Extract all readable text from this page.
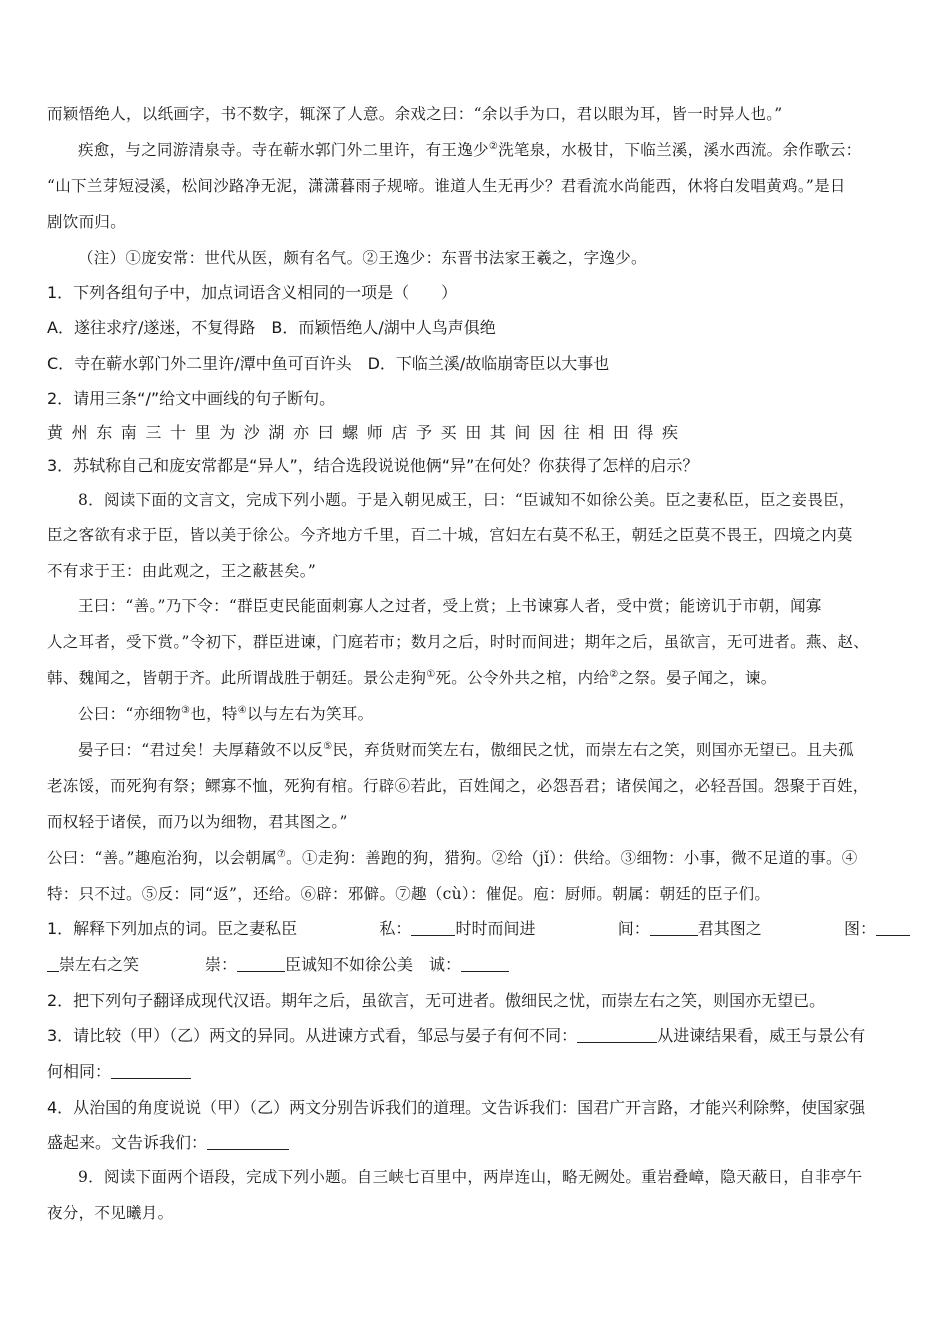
而颖悟绝人，以纸画字，书不数字，辄深了人意。余戏之曰：“余以手为口，君以眼为耳，皆一时异人也。”
疾愈，与之同游清泉寺。寺在蕲水郭门外二里许，有王逸少②洗笔泉，水极甘，下临兰溪，溪水西流。余作歌云：
“山下兰芽短浸溪，松间沙路净无泥，潇潇暮雨子规啼。谁道人生无再少？君看流水尚能西，休将白发唱黄鸡。”是日
剧饮而归。
（注）①庞安常：世代从医，颇有名气。②王逸少：东晋书法家王羲之，字逸少。
1．下列各组句子中，加点词语含义相同的一项是（　　）
A．遂往求疗/遂迷，不复得路　B．而颖悟绝人/湖中人鸟声俱绝
C．寺在蕲水郭门外二里许/潭中鱼可百许头　D．下临兰溪/故临崩寄臣以大事也
2．请用三条“/”给文中画线的句子断句。
黄州东南三十里为沙湖亦曰螺师店予买田其间因往相田得疾
3．苏轼称自己和庞安常都是“异人”，结合选段说说他俩“异”在何处？你获得了怎样的启示？
8．阅读下面的文言文，完成下列小题。于是入朝见威王，曰：“臣诚知不如徐公美。臣之妻私臣，臣之妾畏臣，
臣之客欲有求于臣，皆以美于徐公。今齐地方千里，百二十城，宫妇左右莫不私王，朝廷之臣莫不畏王，四境之内莫
不有求于王：由此观之，王之蔽甚矣。”
王曰：“善。”乃下令：“群臣吏民能面刺寡人之过者，受上赏；上书谏寡人者，受中赏；能谤讥于市朝，闻寡
人之耳者，受下赏。”令初下，群臣进谏，门庭若市；数月之后，时时而间进；期年之后，虽欲言，无可进者。燕、赵、
韩、魏闻之，皆朝于齐。此所谓战胜于朝廷。景公走狗①死。公令外共之棺，内给②之祭。晏子闻之，谏。
公曰：“亦细物③也，特④以与左右为笑耳。
晏子曰：“君过矣！夫厚藉敛不以反⑤民，弃货财而笑左右，傲细民之忧，而崇左右之笑，则国亦无望已。且夫孤
老冻馁，而死狗有祭；鳏寡不恤，死狗有棺。行辟⑥若此，百姓闻之，必怨吾君；诸侯闻之，必轻吾国。怨聚于百姓，
而权轻于诸侯，而乃以为细物，君其图之。”
公曰：“善。”趣庖治狗，以会朝属⑦。①走狗：善跑的狗，猎狗。②给（jǐ）：供给。③细物：小事，微不足道的事。④
特：只不过。⑤反：同“返”，还给。⑥辟：邪僻。⑦趣（cù）：催促。庖：厨师。朝属：朝廷的臣子们。
1．解释下列加点的词。臣之妻私臣	私：	时时而间进	间：	君其图之	图：
崇左右之笑	崇：	臣诚知不如徐公美 诚：
2．把下列句子翻译成现代汉语。期年之后，虽欲言，无可进者。傲细民之忧，而崇左右之笑，则国亦无望已。
3．请比较（甲）（乙）两文的异同。从进谏方式看，邹忌与晏子有何不同：	从进谏结果看，威王与景公有
何相同：
4．从治国的角度说说（甲）（乙）两文分别告诉我们的道理。文告诉我们：国君广开言路，才能兴利除弊，使国家强
盛起来。文告诉我们：
9．阅读下面两个语段，完成下列小题。自三峡七百里中，两岸连山，略无阙处。重岩叠嶂，隐天蔽日，自非亭午
夜分，不见曦月。
